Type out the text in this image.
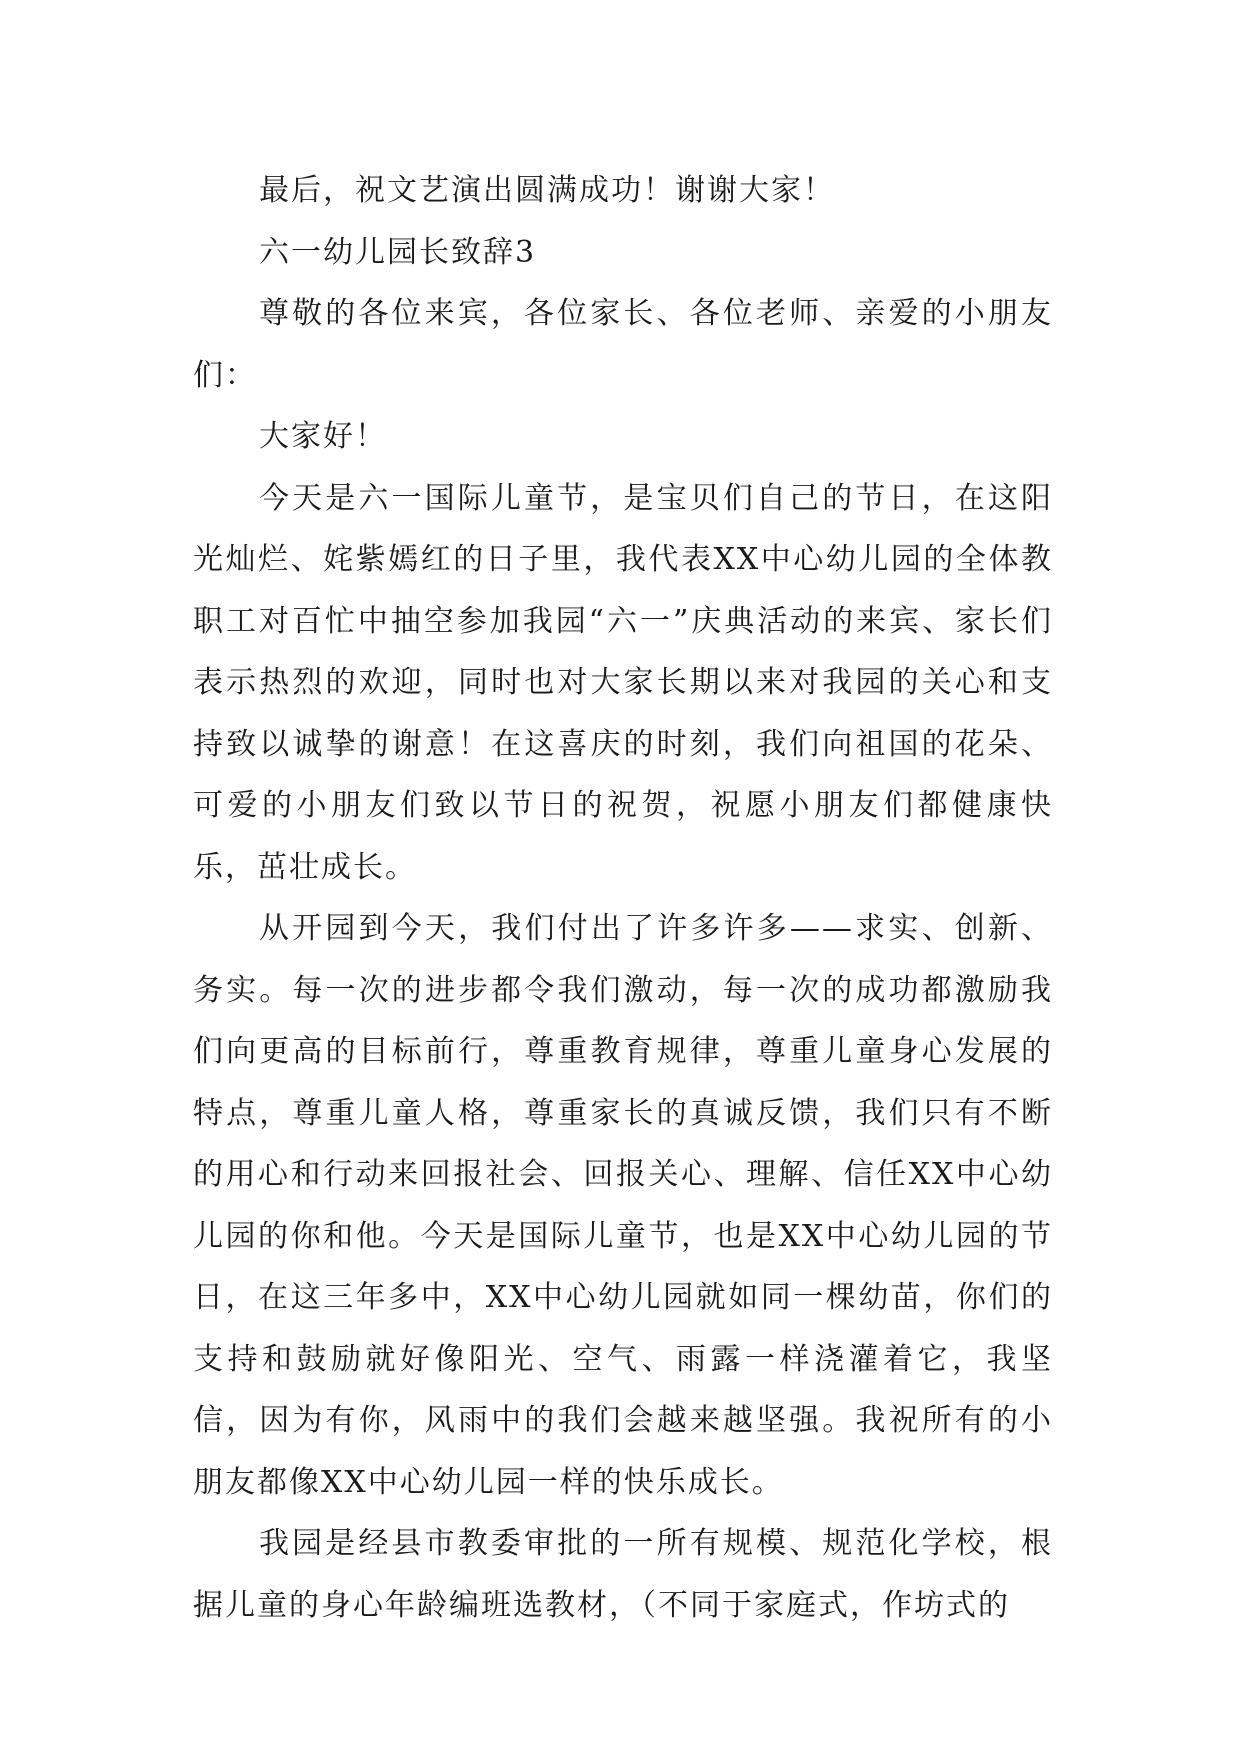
最后，祝文艺演出圆满成功！谢谢大家！

六一幼儿园长致辞3

尊敬的各位来宾，各位家长、各位老师、亲爱的小朋友们：

大家好！

今天是六一国际儿童节，是宝贝们自己的节日，在这阳光灿烂、姹紫嫣红的日子里，我代表XX中心幼儿园的全体教职工对百忙中抽空参加我园“六一”庆典活动的来宾、家长们表示热烈的欢迎，同时也对大家长期以来对我园的关心和支持致以诚挚的谢意！在这喜庆的时刻，我们向祖国的花朵、可爱的小朋友们致以节日的祝贺，祝愿小朋友们都健康快乐，茁壮成长。

从开园到今天，我们付出了许多许多——求实、创新、务实。每一次的进步都令我们激动，每一次的成功都激励我们向更高的目标前行，尊重教育规律，尊重儿童身心发展的特点，尊重儿童人格，尊重家长的真诚反馈，我们只有不断的用心和行动来回报社会、回报关心、理解、信任XX中心幼儿园的你和他。今天是国际儿童节，也是XX中心幼儿园的节日，在这三年多中，XX中心幼儿园就如同一棵幼苗，你们的支持和鼓励就好像阳光、空气、雨露一样浇灌着它，我坚信，因为有你，风雨中的我们会越来越坚强。我祝所有的小朋友都像XX中心幼儿园一样的快乐成长。

我园是经县市教委审批的一所有规模、规范化学校，根据儿童的身心年龄编班选教材，（不同于家庭式，作坊式的
